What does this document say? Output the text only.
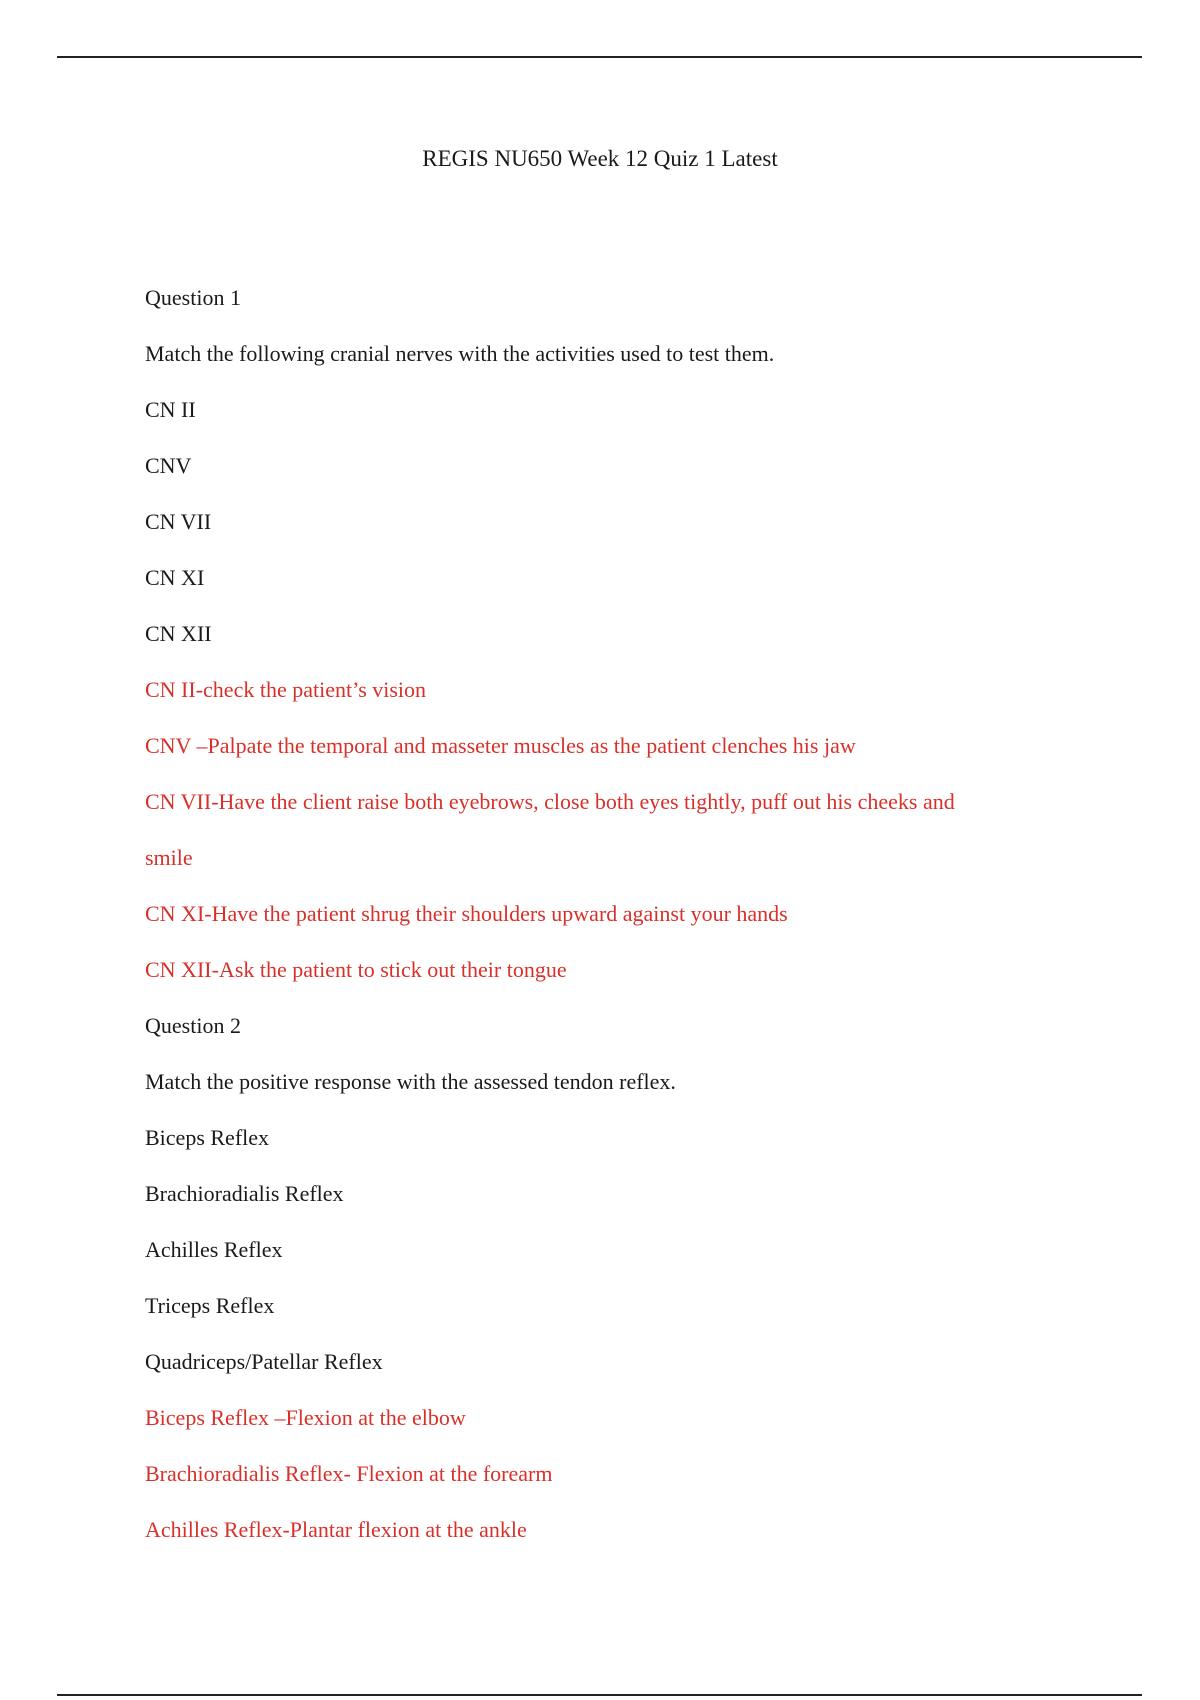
REGIS NU650 Week 12 Quiz 1 Latest
Question 1
Match the following cranial nerves with the activities used to test them.
CN II
CNV
CN VII
CN XI
CN XII
CN II-check the patient’s vision
CNV –Palpate the temporal and masseter muscles as the patient clenches his jaw
CN VII-Have the client raise both eyebrows, close both eyes tightly, puff out his cheeks and
smile
CN XI-Have the patient shrug their shoulders upward against your hands
CN XII-Ask the patient to stick out their tongue
Question 2
Match the positive response with the assessed tendon reflex.
Biceps Reflex
Brachioradialis Reflex
Achilles Reflex
Triceps Reflex
Quadriceps/Patellar Reflex
Biceps Reflex –Flexion at the elbow
Brachioradialis Reflex- Flexion at the forearm
Achilles Reflex-Plantar flexion at the ankle
